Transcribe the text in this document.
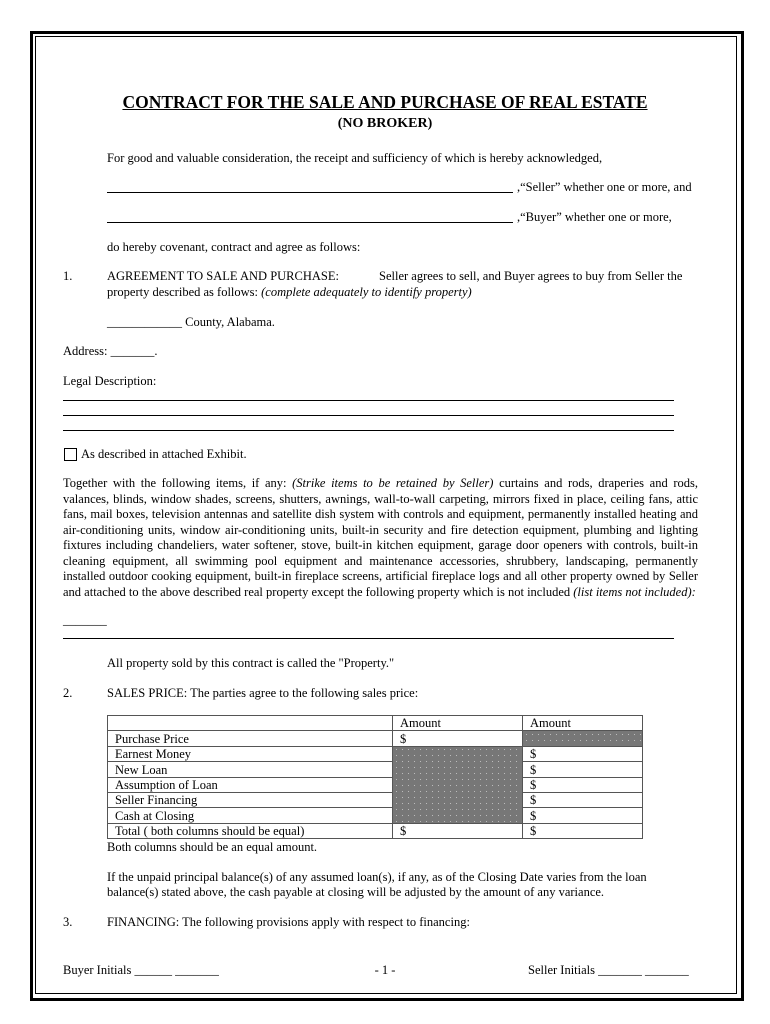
CONTRACT FOR THE SALE AND PURCHASE OF REAL ESTATE
(NO BROKER)
For good and valuable consideration, the receipt and sufficiency of which is hereby acknowledged,
,“Seller” whether one or more, and
,“Buyer” whether one or more,
do hereby covenant, contract and agree as follows:
1.	AGREEMENT TO SALE AND PURCHASE:	Seller agrees to sell, and Buyer agrees to buy from Seller the
property described as follows: (complete adequately to identify property)
____________ County, Alabama.
Address: _______.
Legal Description:
As described in attached Exhibit.
Together with the following items, if any: (Strike items to be retained by Seller) curtains and rods, draperies and rods, valances, blinds, window shades, screens, shutters, awnings, wall-to-wall carpeting, mirrors fixed in place, ceiling fans, attic fans, mail boxes, television antennas and satellite dish system with controls and equipment, permanently installed heating and air-conditioning units, window air-conditioning units, built-in security and fire detection equipment, plumbing and lighting fixtures including chandeliers, water softener, stove, built-in kitchen equipment, garage door openers with controls, built-in cleaning equipment, all swimming pool equipment and maintenance accessories, shrubbery, landscaping, permanently installed outdoor cooking equipment, built-in fireplace screens, artificial fireplace logs and all other property owned by Seller and attached to the above described real property except the following property which is not included (list items not included):
_______
All property sold by this contract is called the "Property."
2.	SALES PRICE: The parties agree to the following sales price:
	Amount	Amount
Purchase Price	$	
Earnest Money		$
New Loan		$
Assumption of Loan		$
Seller Financing		$
Cash at Closing		$
Total ( both columns should be equal)	$	$
Both columns should be an equal amount.
If the unpaid principal balance(s) of any assumed loan(s), if any, as of the Closing Date varies from the loan
balance(s) stated above, the cash payable at closing will be adjusted by the amount of any variance.
3.	FINANCING: The following provisions apply with respect to financing:
Buyer Initials ______ _______	- 1 -	Seller Initials _______ _______
